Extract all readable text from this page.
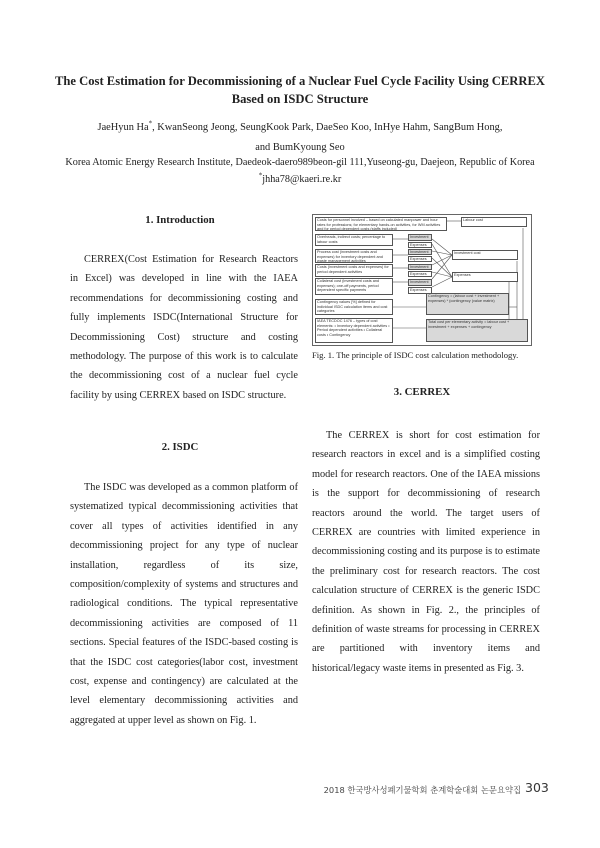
The Cost Estimation for Decommissioning of a Nuclear Fuel Cycle Facility Using CERREX Based on ISDC Structure
JaeHyun Ha*, KwanSeong Jeong, SeungKook Park, DaeSeo Koo, InHye Hahm, SangBum Hong,
and BumKyoung Seo
Korea Atomic Energy Research Institute, Daedeok-daero989beon-gil 111,Yuseong-gu, Daejeon, Republic of Korea
*jhha78@kaeri.re.kr
1. Introduction
CERREX(Cost Estimation for Research Reactors in Excel) was developed in line with the IAEA recommendations for decommissioning costing and fully implements ISDC(International Structure for Decommissioning Cost) structure and costing methodology. The purpose of this work is to calculate the decommissioning cost of a nuclear fuel cycle facility by using CERREX based on ISDC structure.
2. ISDC
The ISDC was developed as a common platform of systematized typical decommissioning activities that cover all types of activities identified in any decommissioning project for any type of nuclear installation, regardless of its size, composition/complexity of systems and structures and radiological conditions. The typical representative decommissioning activities are composed of 11 sections. Special features of the ISDC-based costing is that the ISDC cost categories(labor cost, investment cost, expense and contingency) are calculated at the level elementary decommissioning activities and aggregated at upper level as shown on Fig. 1.
Costs for personnel involved – based on calculated manpower and hour rates for professions; for elementary hands-on activities, for WM activities and for period dependent costs (staffs included)
Labour cost
Overheads, indirect costs; percentage to labour costs
Investment
Expenses
Process cost (investment costs and expenses) for inventory dependent and waste management activities
Investment
Expenses
Investment cost
Costs (investment costs and expenses) for period dependent activities
Investment
Expenses	Expenses
Collateral cost (investment costs and expenses); one-off payments, period dependent specific payments
Investment
Expenses
Contingency values [%] defined for individual ISDC calculation items and cost categories
Contingency = (labour cost + investment + expenses) * (contingency (value matrix)
IAEA TECDOC 1476 – types of cost elements: • Inventory dependent activities • Period dependent activities • Collateral costs • Contingency
Total cost per elementary activity = labour cost + investment + expenses + contingency
Fig. 1. The principle of ISDC cost calculation methodology.
3. CERREX
The CERREX is short for cost estimation for research reactors in excel and is a simplified costing model for research reactors. One of the IAEA missions is the support for decommissioning of research reactors around the world. The target users of CERREX are countries with limited experience in decommissioning costing and its purpose is to estimate the preliminary cost for research reactors. The cost calculation structure of CERREX is the generic ISDC definition. As shown in Fig. 2., the principles of definition of waste streams for processing in CERREX are partitioned with inventory items and historical/legacy waste items in presented as Fig. 3.
2018 한국방사성폐기물학회 춘계학술대회 논문요약집 303
